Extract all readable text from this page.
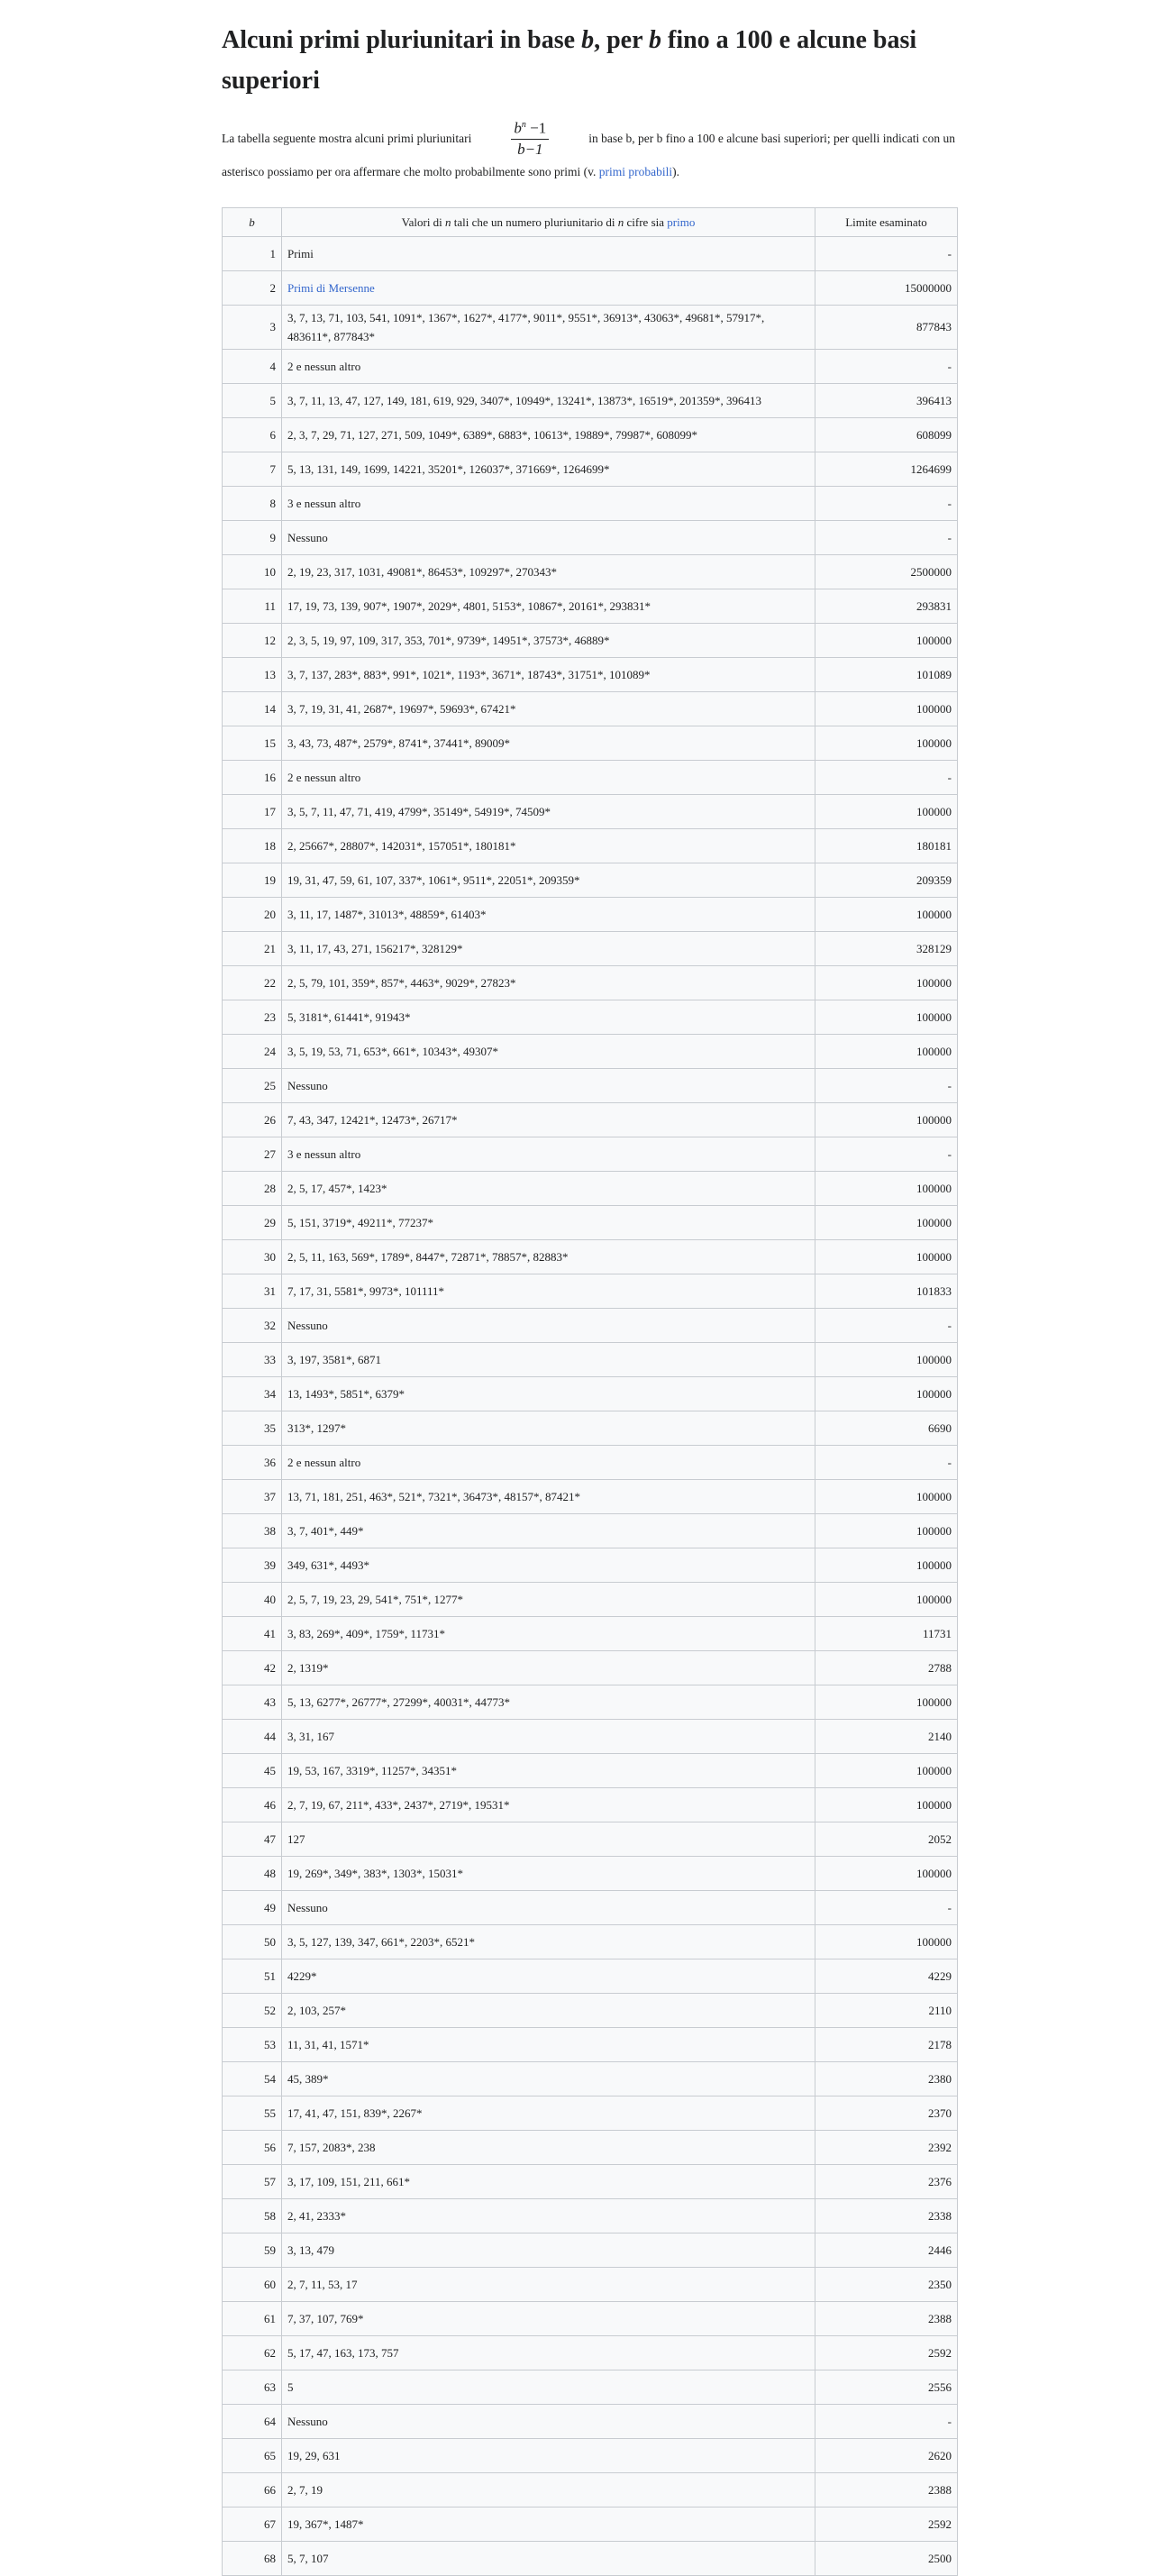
Alcuni primi pluriunitari in base b, per b fino a 100 e alcune basi superiori
La tabella seguente mostra alcuni primi pluriunitari	$\frac{b^n -1}{b-1}$	in base b, per b fino a 100 e alcune basi superiori; per quelli indicati con un
asterisco possiamo per ora affermare che molto probabilmente sono primi (v. primi probabili).
b	Valori di n tali che un numero pluriunitario di n cifre sia primo	Limite esaminato
1	Primi	-
2	Primi di Mersenne	15000000
3	3, 7, 13, 71, 103, 541, 1091*, 1367*, 1627*, 4177*, 9011*, 9551*, 36913*, 43063*, 49681*, 57917*, 483611*, 877843*	877843
4	2 e nessun altro	-
5	3, 7, 11, 13, 47, 127, 149, 181, 619, 929, 3407*, 10949*, 13241*, 13873*, 16519*, 201359*, 396413	396413
6	2, 3, 7, 29, 71, 127, 271, 509, 1049*, 6389*, 6883*, 10613*, 19889*, 79987*, 608099*	608099
7	5, 13, 131, 149, 1699, 14221, 35201*, 126037*, 371669*, 1264699*	1264699
8	3 e nessun altro	-
9	Nessuno	-
10	2, 19, 23, 317, 1031, 49081*, 86453*, 109297*, 270343*	2500000
11	17, 19, 73, 139, 907*, 1907*, 2029*, 4801, 5153*, 10867*, 20161*, 293831*	293831
12	2, 3, 5, 19, 97, 109, 317, 353, 701*, 9739*, 14951*, 37573*, 46889*	100000
13	3, 7, 137, 283*, 883*, 991*, 1021*, 1193*, 3671*, 18743*, 31751*, 101089*	101089
14	3, 7, 19, 31, 41, 2687*, 19697*, 59693*, 67421*	100000
15	3, 43, 73, 487*, 2579*, 8741*, 37441*, 89009*	100000
16	2 e nessun altro	-
17	3, 5, 7, 11, 47, 71, 419, 4799*, 35149*, 54919*, 74509*	100000
18	2, 25667*, 28807*, 142031*, 157051*, 180181*	180181
19	19, 31, 47, 59, 61, 107, 337*, 1061*, 9511*, 22051*, 209359*	209359
20	3, 11, 17, 1487*, 31013*, 48859*, 61403*	100000
21	3, 11, 17, 43, 271, 156217*, 328129*	328129
22	2, 5, 79, 101, 359*, 857*, 4463*, 9029*, 27823*	100000
23	5, 3181*, 61441*, 91943*	100000
24	3, 5, 19, 53, 71, 653*, 661*, 10343*, 49307*	100000
25	Nessuno	-
26	7, 43, 347, 12421*, 12473*, 26717*	100000
27	3 e nessun altro	-
28	2, 5, 17, 457*, 1423*	100000
29	5, 151, 3719*, 49211*, 77237*	100000
30	2, 5, 11, 163, 569*, 1789*, 8447*, 72871*, 78857*, 82883*	100000
31	7, 17, 31, 5581*, 9973*, 101111*	101833
32	Nessuno	-
33	3, 197, 3581*, 6871	100000
34	13, 1493*, 5851*, 6379*	100000
35	313*, 1297*	6690
36	2 e nessun altro	-
37	13, 71, 181, 251, 463*, 521*, 7321*, 36473*, 48157*, 87421*	100000
38	3, 7, 401*, 449*	100000
39	349, 631*, 4493*	100000
40	2, 5, 7, 19, 23, 29, 541*, 751*, 1277*	100000
41	3, 83, 269*, 409*, 1759*, 11731*	11731
42	2, 1319*	2788
43	5, 13, 6277*, 26777*, 27299*, 40031*, 44773*	100000
44	3, 31, 167	2140
45	19, 53, 167, 3319*, 11257*, 34351*	100000
46	2, 7, 19, 67, 211*, 433*, 2437*, 2719*, 19531*	100000
47	127	2052
48	19, 269*, 349*, 383*, 1303*, 15031*	100000
49	Nessuno	-
50	3, 5, 127, 139, 347, 661*, 2203*, 6521*	100000
51	4229*	4229
52	2, 103, 257*	2110
53	11, 31, 41, 1571*	2178
54	45, 389*	2380
55	17, 41, 47, 151, 839*, 2267*	2370
56	7, 157, 2083*, 238	2392
57	3, 17, 109, 151, 211, 661*	2376
58	2, 41, 2333*	2338
59	3, 13, 479	2446
60	2, 7, 11, 53, 17	2350
61	7, 37, 107, 769*	2388
62	5, 17, 47, 163, 173, 757	2592
63	5	2556
64	Nessuno	-
65	19, 29, 631	2620
66	2, 7, 19	2388
67	19, 367*, 1487*	2592
68	5, 7, 107	2500
